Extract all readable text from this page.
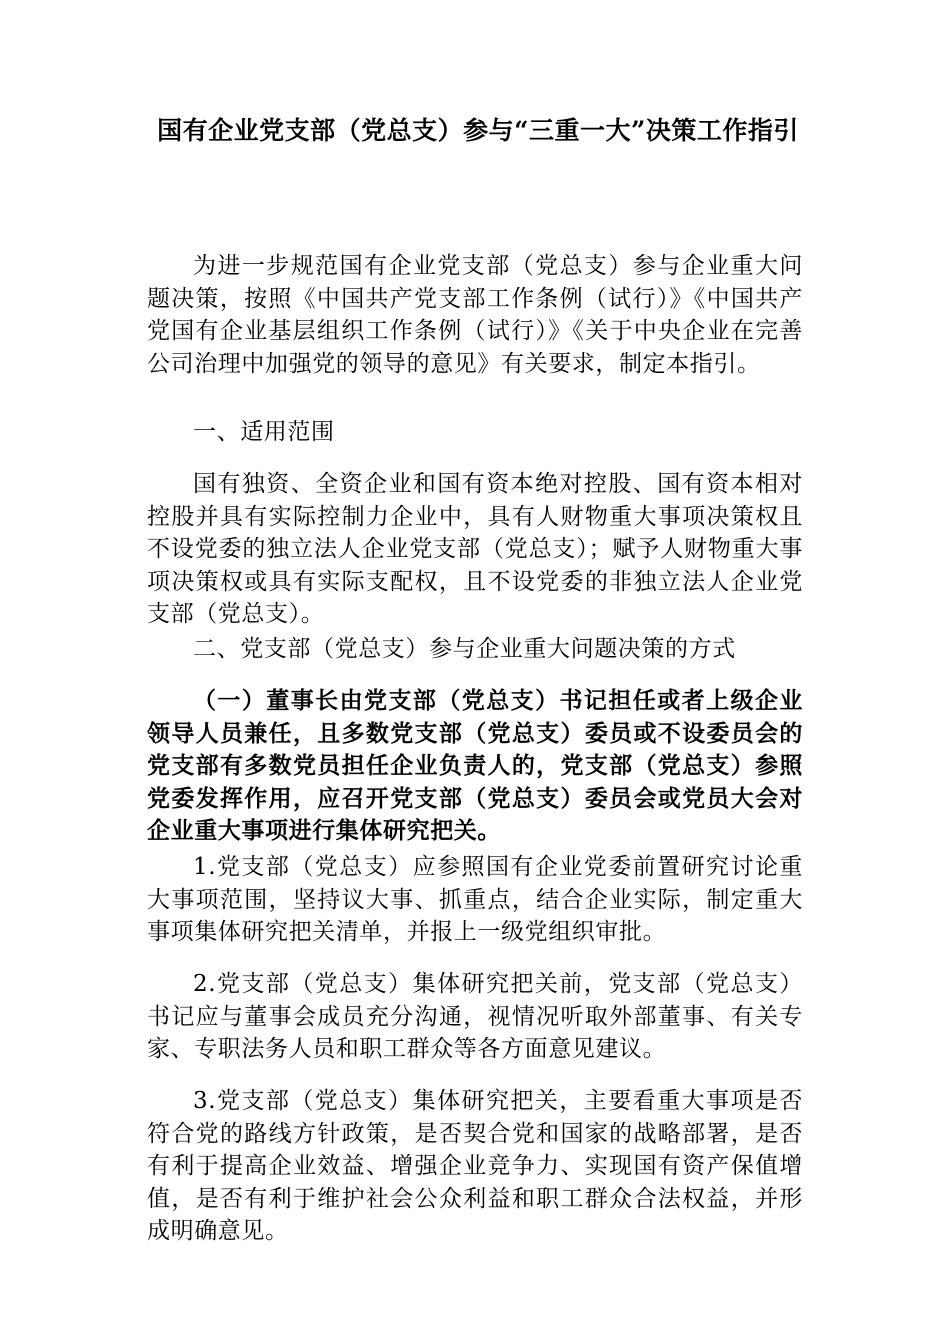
国有企业党支部（党总支）参与“三重一大”决策工作指引

为进一步规范国有企业党支部（党总支）参与企业重大问题决策，按照《中国共产党支部工作条例（试行）》《中国共产党国有企业基层组织工作条例（试行）》《关于中央企业在完善公司治理中加强党的领导的意见》有关要求，制定本指引。

一、适用范围

国有独资、全资企业和国有资本绝对控股、国有资本相对控股并具有实际控制力企业中，具有人财物重大事项决策权且不设党委的独立法人企业党支部（党总支）；赋予人财物重大事项决策权或具有实际支配权，且不设党委的非独立法人企业党支部（党总支）。

二、党支部（党总支）参与企业重大问题决策的方式

（一）董事长由党支部（党总支）书记担任或者上级企业领导人员兼任，且多数党支部（党总支）委员或不设委员会的党支部有多数党员担任企业负责人的，党支部（党总支）参照党委发挥作用，应召开党支部（党总支）委员会或党员大会对企业重大事项进行集体研究把关。

1.党支部（党总支）应参照国有企业党委前置研究讨论重大事项范围，坚持议大事、抓重点，结合企业实际，制定重大事项集体研究把关清单，并报上一级党组织审批。

2.党支部（党总支）集体研究把关前，党支部（党总支）书记应与董事会成员充分沟通，视情况听取外部董事、有关专家、专职法务人员和职工群众等各方面意见建议。

3.党支部（党总支）集体研究把关，主要看重大事项是否符合党的路线方针政策，是否契合党和国家的战略部署，是否有利于提高企业效益、增强企业竞争力、实现国有资产保值增值，是否有利于维护社会公众利益和职工群众合法权益，并形成明确意见。
